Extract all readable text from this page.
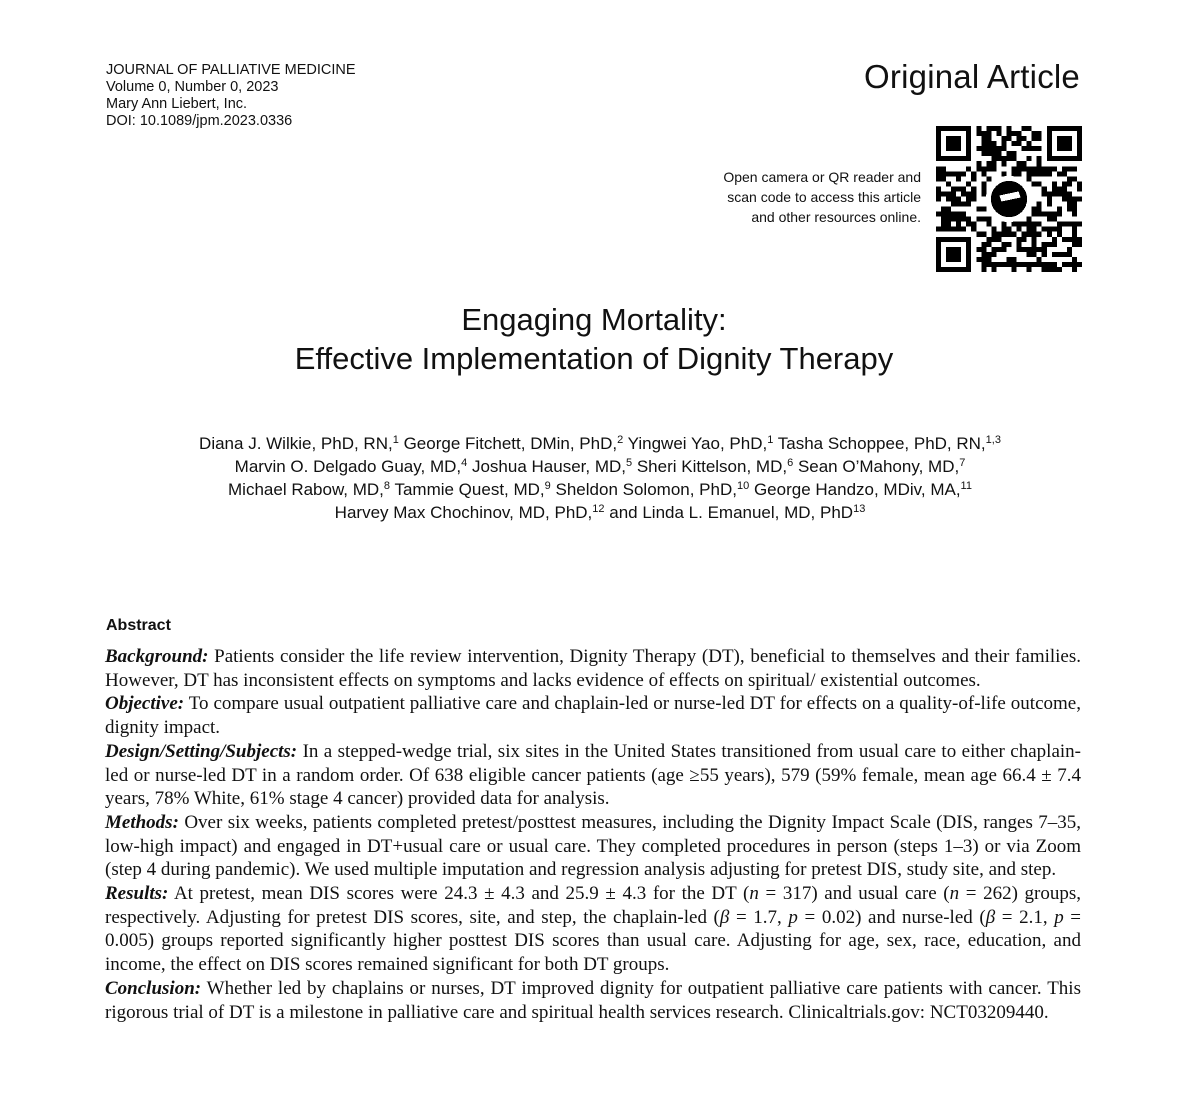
JOURNAL OF PALLIATIVE MEDICINE
Volume 0, Number 0, 2023
Mary Ann Liebert, Inc.
DOI: 10.1089/jpm.2023.0336
Original Article
Open camera or QR reader and
scan code to access this article
and other resources online.
Engaging Mortality:
Effective Implementation of Dignity Therapy
Diana J. Wilkie, PhD, RN,$^1$ George Fitchett, DMin, PhD,$^2$ Yingwei Yao, PhD,$^1$ Tasha Schoppee, PhD, RN,$^{1,3}$
Marvin O. Delgado Guay, MD,$^4$ Joshua Hauser, MD,$^5$ Sheri Kittelson, MD,$^6$ Sean O’Mahony, MD,$^7$
Michael Rabow, MD,$^8$ Tammie Quest, MD,$^9$ Sheldon Solomon, PhD,$^{10}$ George Handzo, MDiv, MA,$^{11}$
Harvey Max Chochinov, MD, PhD,$^{12}$ and Linda L. Emanuel, MD, PhD$^{13}$
Abstract

Background: Patients consider the life review intervention, Dignity Therapy (DT), beneficial to themselves and their families. However, DT has inconsistent effects on symptoms and lacks evidence of effects on spiritual/ existential outcomes.

Objective: To compare usual outpatient palliative care and chaplain-led or nurse-led DT for effects on a quality-of-life outcome, dignity impact.

Design/Setting/Subjects: In a stepped-wedge trial, six sites in the United States transitioned from usual care to either chaplain-led or nurse-led DT in a random order. Of 638 eligible cancer patients (age ≥55 years), 579 (59% female, mean age 66.4 ± 7.4 years, 78% White, 61% stage 4 cancer) provided data for analysis.

Methods: Over six weeks, patients completed pretest/posttest measures, including the Dignity Impact Scale (DIS, ranges 7–35, low-high impact) and engaged in DT+usual care or usual care. They completed procedures in person (steps 1–3) or via Zoom (step 4 during pandemic). We used multiple imputation and regression analysis adjusting for pretest DIS, study site, and step.

Results: At pretest, mean DIS scores were 24.3 ± 4.3 and 25.9 ± 4.3 for the DT (n = 317) and usual care (n = 262) groups, respectively. Adjusting for pretest DIS scores, site, and step, the chaplain-led (β = 1.7, p = 0.02) and nurse-led (β = 2.1, p = 0.005) groups reported significantly higher posttest DIS scores than usual care. Adjusting for age, sex, race, education, and income, the effect on DIS scores remained significant for both DT groups.

Conclusion: Whether led by chaplains or nurses, DT improved dignity for outpatient palliative care patients with cancer. This rigorous trial of DT is a milestone in palliative care and spiritual health services research. Clinicaltrials.gov: NCT03209440.
